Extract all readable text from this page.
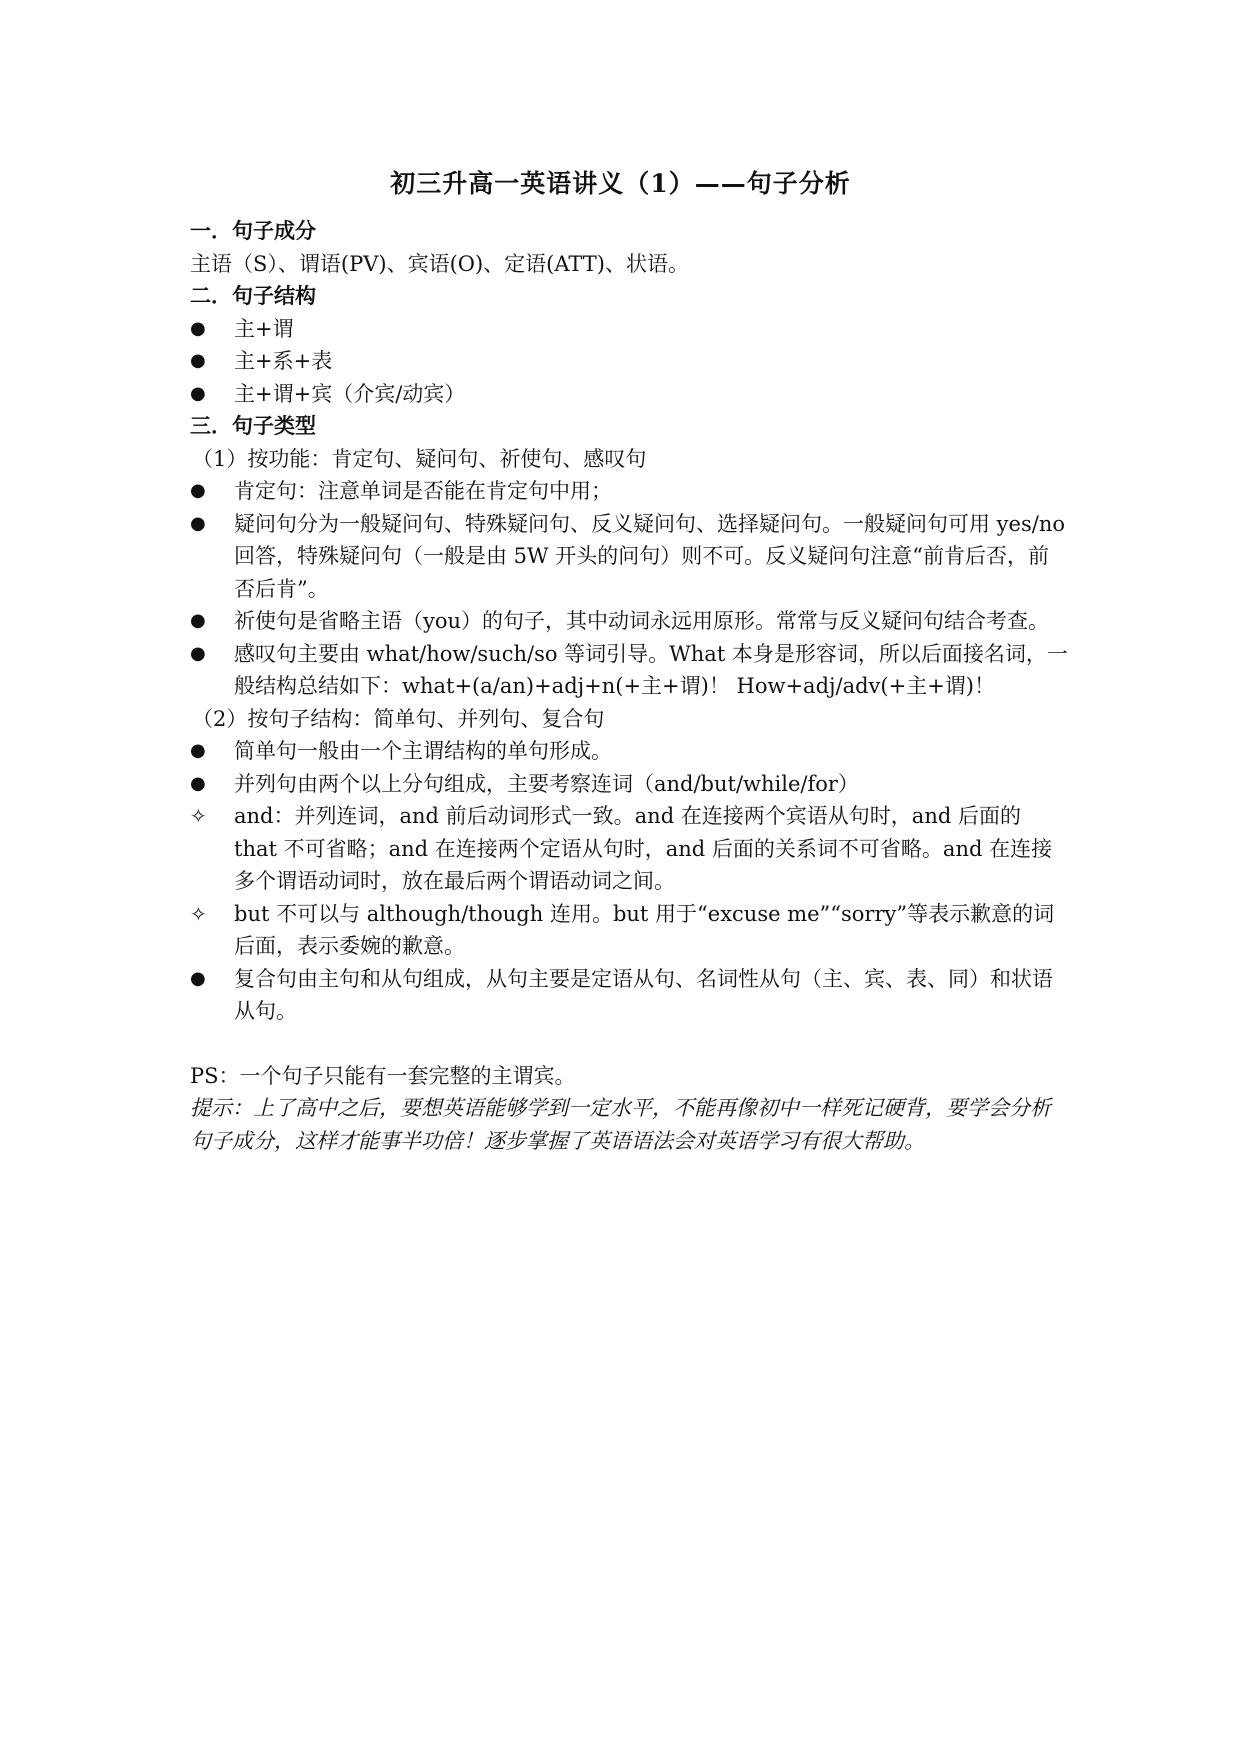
初三升高一英语讲义（1）——句子分析
一．句子成分
主语（S）、谓语(PV)、宾语(O)、定语(ATT)、状语。
二．句子结构
●	主+谓
●	主+系+表
●	主+谓+宾（介宾/动宾）
三．句子类型
（1）按功能：肯定句、疑问句、祈使句、感叹句
●	肯定句：注意单词是否能在肯定句中用；
●	疑问句分为一般疑问句、特殊疑问句、反义疑问句、选择疑问句。一般疑问句可用 yes/no 回答，特殊疑问句（一般是由 5W 开头的问句）则不可。反义疑问句注意“前肯后否，前否后肯”。
●	祈使句是省略主语（you）的句子，其中动词永远用原形。常常与反义疑问句结合考查。
●	感叹句主要由 what/how/such/so 等词引导。What 本身是形容词，所以后面接名词，一般结构总结如下：what+(a/an)+adj+n(+主+谓)！ How+adj/adv(+主+谓)！
（2）按句子结构：简单句、并列句、复合句
●	简单句一般由一个主谓结构的单句形成。
●	并列句由两个以上分句组成，主要考察连词（and/but/while/for）
✧	and：并列连词，and 前后动词形式一致。and 在连接两个宾语从句时，and 后面的 that 不可省略；and 在连接两个定语从句时，and 后面的关系词不可省略。and 在连接多个谓语动词时，放在最后两个谓语动词之间。
✧	but 不可以与 although/though 连用。but 用于“excuse me”“sorry”等表示歉意的词后面，表示委婉的歉意。
●	复合句由主句和从句组成，从句主要是定语从句、名词性从句（主、宾、表、同）和状语从句。
PS：一个句子只能有一套完整的主谓宾。
提示：上了高中之后，要想英语能够学到一定水平，不能再像初中一样死记硬背，要学会分析句子成分，这样才能事半功倍！逐步掌握了英语语法会对英语学习有很大帮助。
